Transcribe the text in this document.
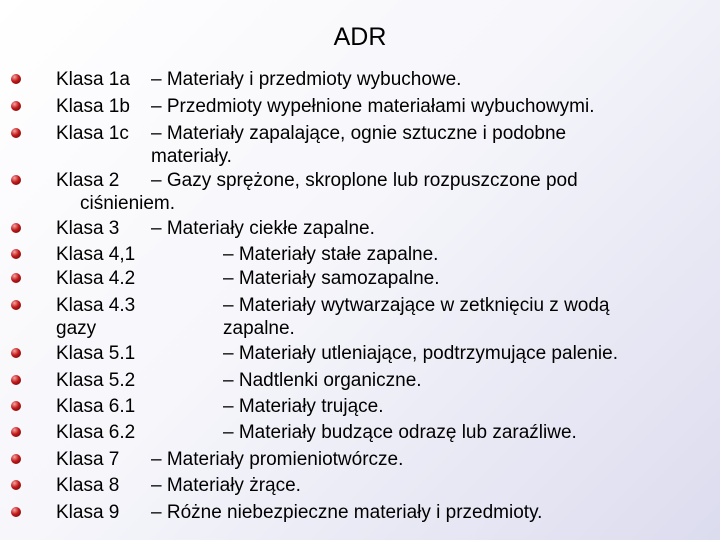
ADR
Klasa 1a – Materiały i przedmioty wybuchowe.
Klasa 1b – Przedmioty wypełnione materiałami wybuchowymi.
Klasa 1c – Materiały zapalające, ognie sztuczne i podobne
materiały.
Klasa 2 – Gazy sprężone, skroplone lub rozpuszczone pod
ciśnieniem.
Klasa 3 – Materiały ciekłe zapalne.
Klasa 4,1	– Materiały stałe zapalne.
Klasa 4.2	– Materiały samozapalne.
Klasa 4.3	– Materiały wytwarzające w zetknięciu z wodą
gazy	zapalne.
Klasa 5.1	– Materiały utleniające, podtrzymujące palenie.
Klasa 5.2	– Nadtlenki organiczne.
Klasa 6.1	– Materiały trujące.
Klasa 6.2	– Materiały budzące odrazę lub zaraźliwe.
Klasa 7 – Materiały promieniotwórcze.
Klasa 8 – Materiały żrące.
Klasa 9 – Różne niebezpieczne materiały i przedmioty.
